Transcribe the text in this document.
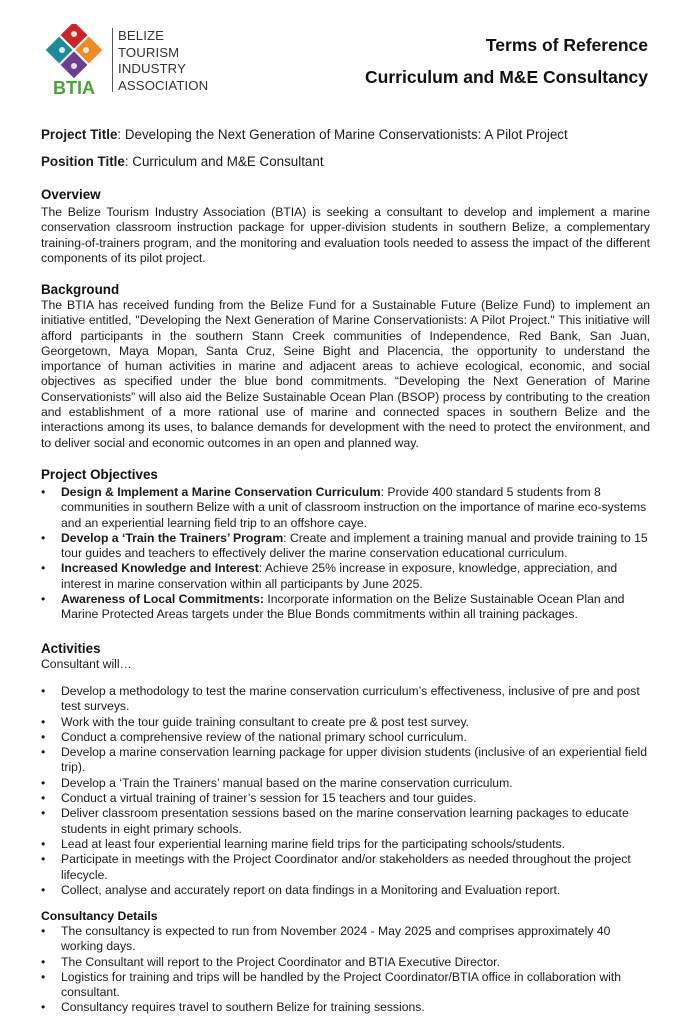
BTIA
BELIZE TOURISM
INDUSTRY
ASSOCIATION
Terms of Reference
Curriculum and M&E Consultancy
Project Title: Developing the Next Generation of Marine Conservationists: A Pilot Project
Position Title: Curriculum and M&E Consultant
Overview
The Belize Tourism Industry Association (BTIA) is seeking a consultant to develop and implement a marine conservation classroom instruction package for upper-division students in southern Belize, a complementary training-of-trainers program, and the monitoring and evaluation tools needed to assess the impact of the different components of its pilot project.
Background
The BTIA has received funding from the Belize Fund for a Sustainable Future (Belize Fund) to implement an initiative entitled, "Developing the Next Generation of Marine Conservationists: A Pilot Project." This initiative will afford participants in the southern Stann Creek communities of Independence, Red Bank, San Juan, Georgetown, Maya Mopan, Santa Cruz, Seine Bight and Placencia, the opportunity to understand the importance of human activities in marine and adjacent areas to achieve ecological, economic, and social objectives as specified under the blue bond commitments. “Developing the Next Generation of Marine Conservationists” will also aid the Belize Sustainable Ocean Plan (BSOP) process by contributing to the creation and establishment of a more rational use of marine and connected spaces in southern Belize and the interactions among its uses, to balance demands for development with the need to protect the environment, and to deliver social and economic outcomes in an open and planned way.
Project Objectives
• Design & Implement a Marine Conservation Curriculum: Provide 400 standard 5 students from 8 communities in southern Belize with a unit of classroom instruction on the importance of marine eco-systems and an experiential learning field trip to an offshore caye.
• Develop a ‘Train the Trainers’ Program: Create and implement a training manual and provide training to 15 tour guides and teachers to effectively deliver the marine conservation educational curriculum.
• Increased Knowledge and Interest: Achieve 25% increase in exposure, knowledge, appreciation, and interest in marine conservation within all participants by June 2025.
• Awareness of Local Commitments: Incorporate information on the Belize Sustainable Ocean Plan and Marine Protected Areas targets under the Blue Bonds commitments within all training packages.
Activities
Consultant will…
• Develop a methodology to test the marine conservation curriculum’s effectiveness, inclusive of pre and post test surveys.
• Work with the tour guide training consultant to create pre & post test survey.
• Conduct a comprehensive review of the national primary school curriculum.
• Develop a marine conservation learning package for upper division students (inclusive of an experiential field trip).
• Develop a ‘Train the Trainers’ manual based on the marine conservation curriculum.
• Conduct a virtual training of trainer’s session for 15 teachers and tour guides.
• Deliver classroom presentation sessions based on the marine conservation learning packages to educate students in eight primary schools.
• Lead at least four experiential learning marine field trips for the participating schools/students.
• Participate in meetings with the Project Coordinator and/or stakeholders as needed throughout the project lifecycle.
• Collect, analyse and accurately report on data findings in a Monitoring and Evaluation report.
Consultancy Details
• The consultancy is expected to run from November 2024 - May 2025 and comprises approximately 40 working days.
• The Consultant will report to the Project Coordinator and BTIA Executive Director.
• Logistics for training and trips will be handled by the Project Coordinator/BTIA office in collaboration with consultant.
• Consultancy requires travel to southern Belize for training sessions.
